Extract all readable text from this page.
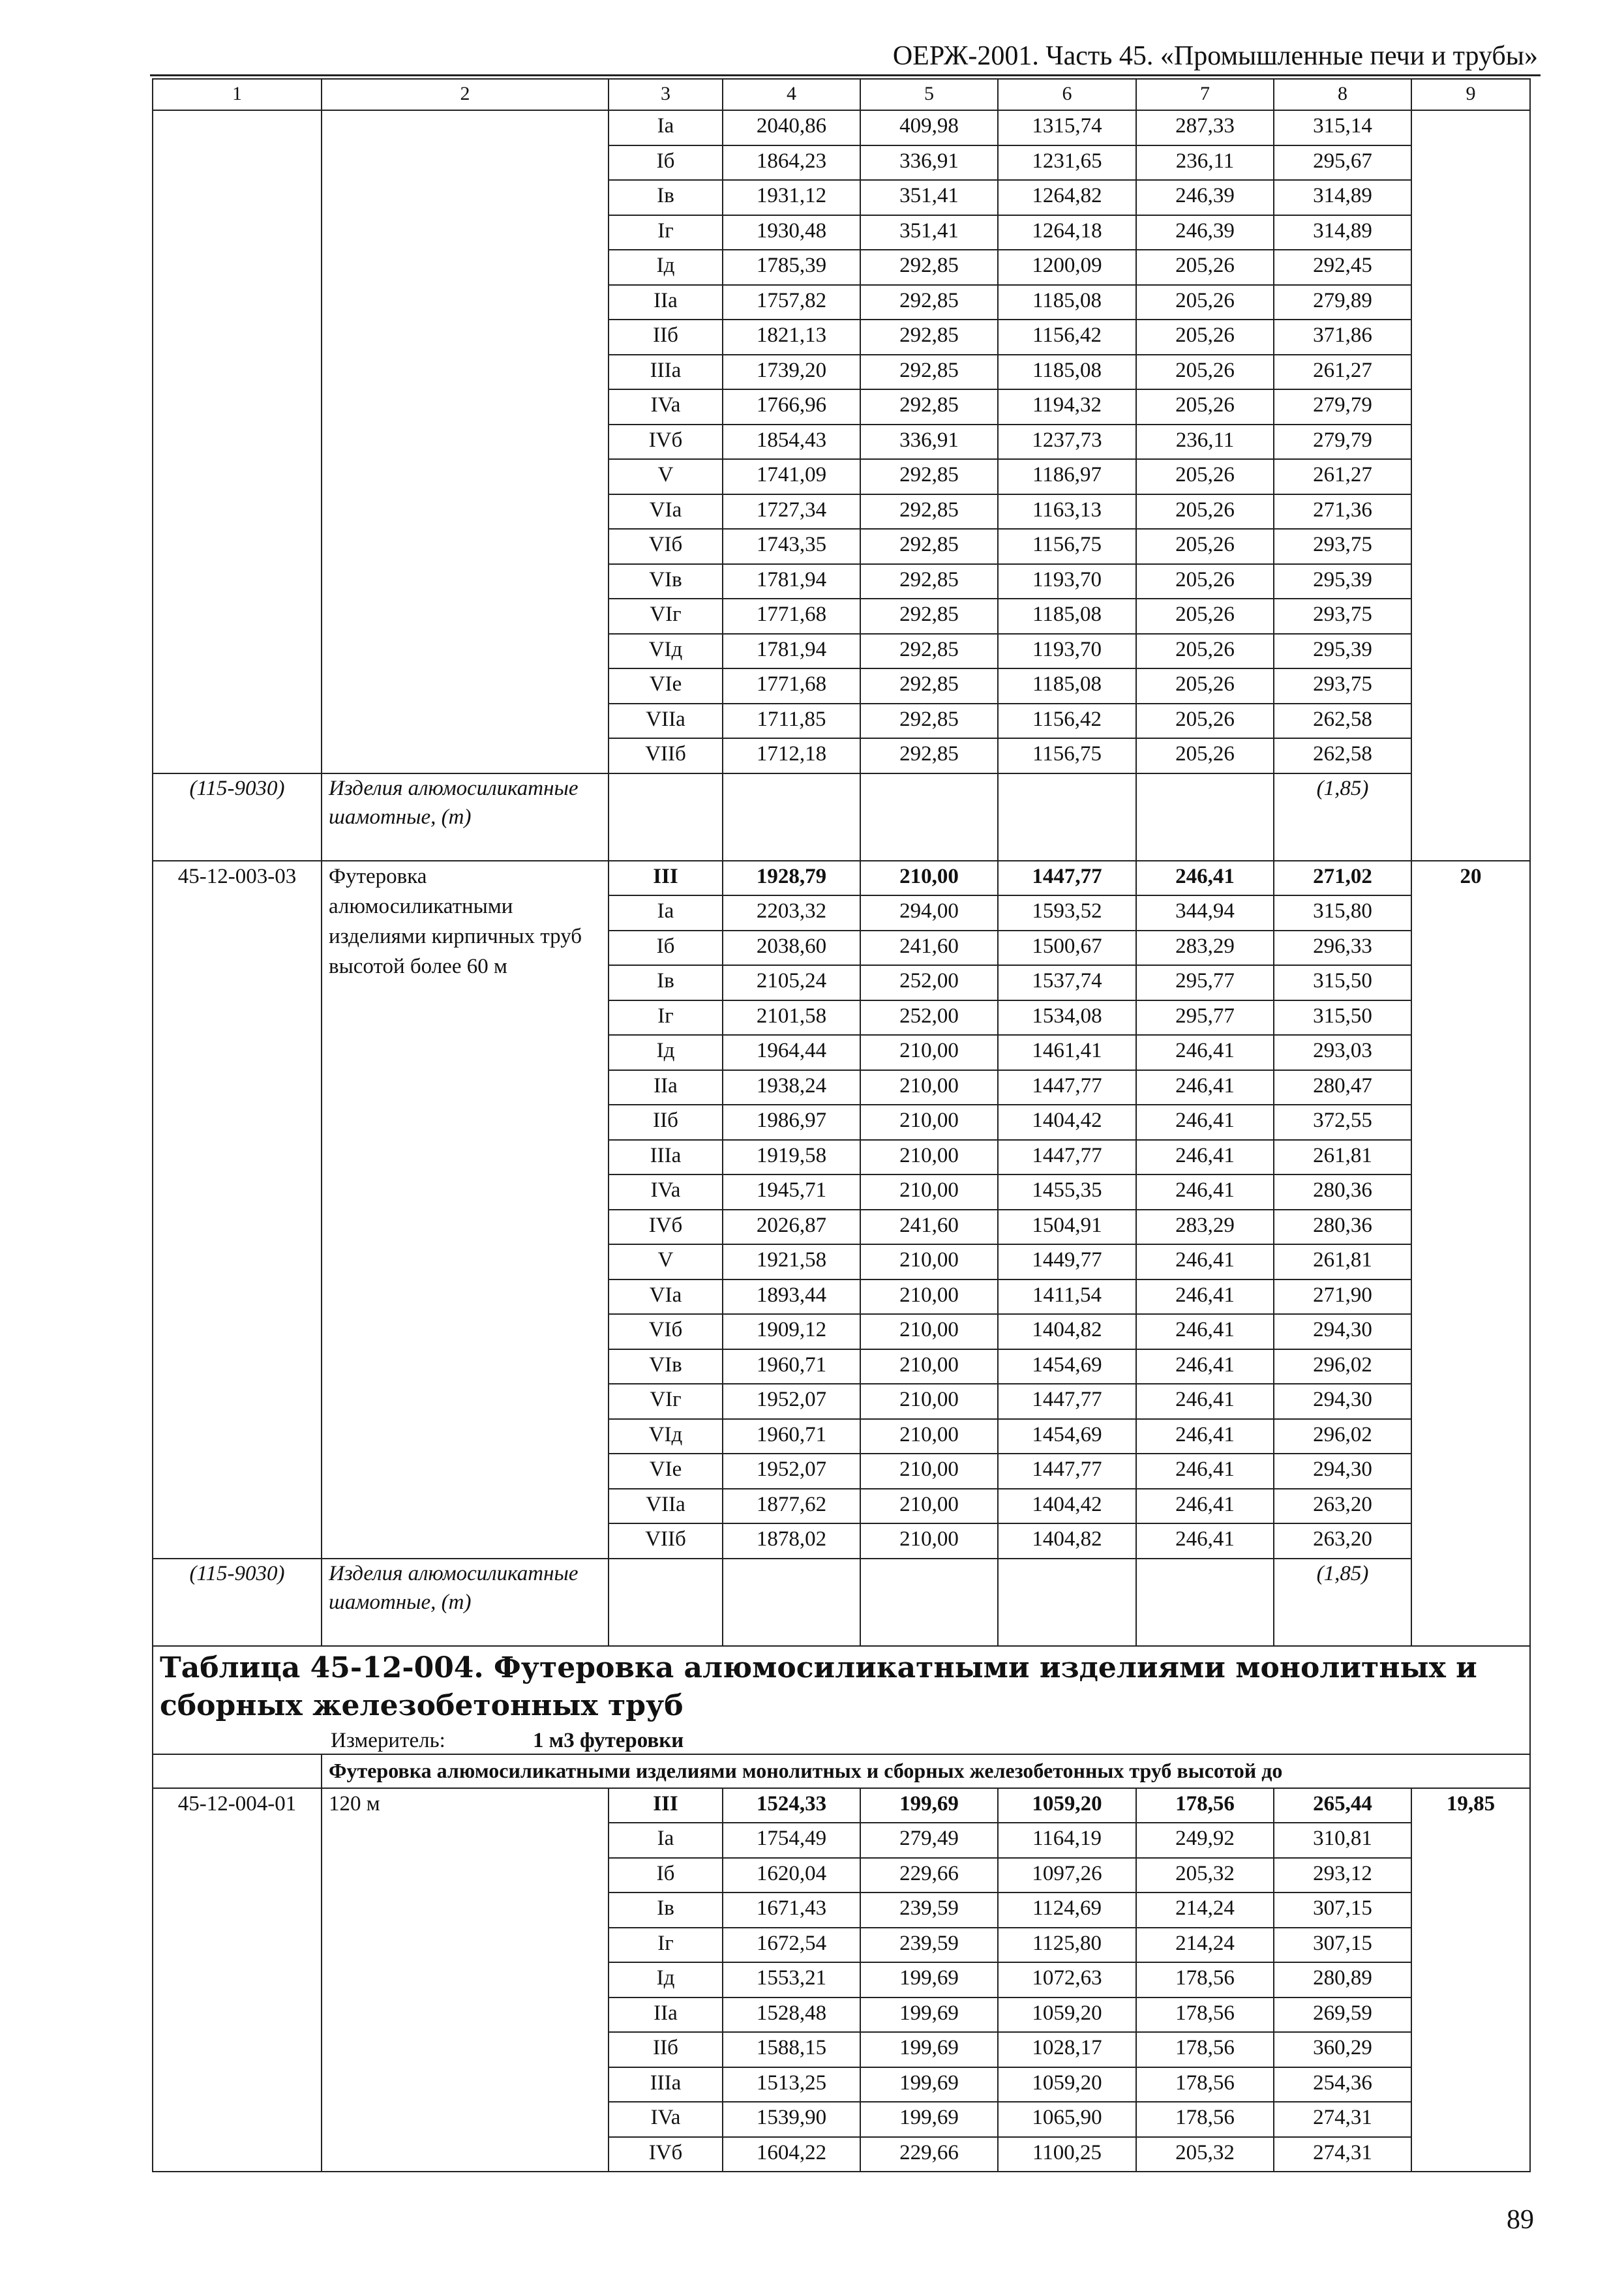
ОЕРЖ-2001. Часть 45. «Промышленные печи и трубы»
1	2	3	4	5	6	7	8	9
		Ia	2040,86	409,98	1315,74	287,33	315,14	
		Iб	1864,23	336,91	1231,65	236,11	295,67	
		Iв	1931,12	351,41	1264,82	246,39	314,89	
		Iг	1930,48	351,41	1264,18	246,39	314,89	
		Iд	1785,39	292,85	1200,09	205,26	292,45	
		IIa	1757,82	292,85	1185,08	205,26	279,89	
		IIб	1821,13	292,85	1156,42	205,26	371,86	
		IIIa	1739,20	292,85	1185,08	205,26	261,27	
		IVa	1766,96	292,85	1194,32	205,26	279,79	
		IVб	1854,43	336,91	1237,73	236,11	279,79	
		V	1741,09	292,85	1186,97	205,26	261,27	
		VIa	1727,34	292,85	1163,13	205,26	271,36	
		VIб	1743,35	292,85	1156,75	205,26	293,75	
		VIв	1781,94	292,85	1193,70	205,26	295,39	
		VIг	1771,68	292,85	1185,08	205,26	293,75	
		VIд	1781,94	292,85	1193,70	205,26	295,39	
		VIe	1771,68	292,85	1185,08	205,26	293,75	
		VIIa	1711,85	292,85	1156,42	205,26	262,58	
		VIIб	1712,18	292,85	1156,75	205,26	262,58	
(115-9030)	Изделия алюмосиликатные шамотные, (т)						(1,85)	
45-12-003-03	Футеровка алюмосиликатными изделиями кирпичных труб высотой более 60 м	III	1928,79	210,00	1447,77	246,41	271,02	20
		Ia	2203,32	294,00	1593,52	344,94	315,80	
		Iб	2038,60	241,60	1500,67	283,29	296,33	
		Iв	2105,24	252,00	1537,74	295,77	315,50	
		Iг	2101,58	252,00	1534,08	295,77	315,50	
		Iд	1964,44	210,00	1461,41	246,41	293,03	
		IIa	1938,24	210,00	1447,77	246,41	280,47	
		IIб	1986,97	210,00	1404,42	246,41	372,55	
		IIIa	1919,58	210,00	1447,77	246,41	261,81	
		IVa	1945,71	210,00	1455,35	246,41	280,36	
		IVб	2026,87	241,60	1504,91	283,29	280,36	
		V	1921,58	210,00	1449,77	246,41	261,81	
		VIa	1893,44	210,00	1411,54	246,41	271,90	
		VIб	1909,12	210,00	1404,82	246,41	294,30	
		VIв	1960,71	210,00	1454,69	246,41	296,02	
		VIг	1952,07	210,00	1447,77	246,41	294,30	
		VIд	1960,71	210,00	1454,69	246,41	296,02	
		VIe	1952,07	210,00	1447,77	246,41	294,30	
		VIIa	1877,62	210,00	1404,42	246,41	263,20	
		VIIб	1878,02	210,00	1404,82	246,41	263,20	
(115-9030)	Изделия алюмосиликатные шамотные, (т)						(1,85)	

Таблица 45-12-004. Футеровка алюмосиликатными изделиями монолитных и сборных железобетонных труб
Измеритель: 1 м3 футеровки								

	Футеровка алюмосиликатными изделиями монолитных и сборных железобетонных труб высотой до							
45-12-004-01	120 м	III	1524,33	199,69	1059,20	178,56	265,44	19,85
		Ia	1754,49	279,49	1164,19	249,92	310,81	
		Iб	1620,04	229,66	1097,26	205,32	293,12	
		Iв	1671,43	239,59	1124,69	214,24	307,15	
		Iг	1672,54	239,59	1125,80	214,24	307,15	
		Iд	1553,21	199,69	1072,63	178,56	280,89	
		IIa	1528,48	199,69	1059,20	178,56	269,59	
		IIб	1588,15	199,69	1028,17	178,56	360,29	
		IIIa	1513,25	199,69	1059,20	178,56	254,36	
		IVa	1539,90	199,69	1065,90	178,56	274,31	
		IVб	1604,22	229,66	1100,25	205,32	274,31	
89
